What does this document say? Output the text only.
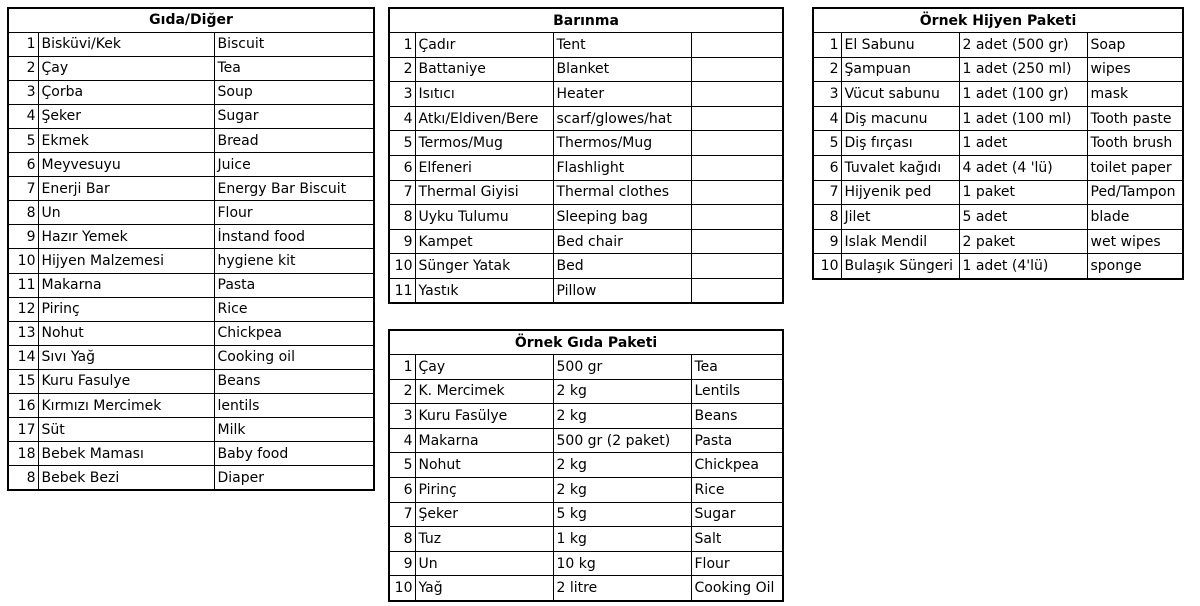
Gıda/Diğer		
1	Bisküvi/Kek	Biscuit
2	Çay	Tea
3	Çorba	Soup
4	Şeker	Sugar
5	Ekmek	Bread
6	Meyvesuyu	Juice
7	Enerji Bar	Energy Bar Biscuit
8	Un	Flour
9	Hazır Yemek	İnstand food
10	Hijyen Malzemesi	hygiene kit
11	Makarna	Pasta
12	Pirinç	Rice
13	Nohut	Chickpea
14	Sıvı Yağ	Cooking oil
15	Kuru Fasulye	Beans
16	Kırmızı Mercimek	lentils
17	Süt	Milk
18	Bebek Maması	Baby food
8	Bebek Bezi	Diaper
Barınma			
1	Çadır	Tent	
2	Battaniye	Blanket	
3	Isıtıcı	Heater	
4	Atkı/Eldiven/Bere	scarf/glowes/hat	
5	Termos/Mug	Thermos/Mug	
6	Elfeneri	Flashlight	
7	Thermal Giyisi	Thermal clothes	
8	Uyku Tulumu	Sleeping bag	
9	Kampet	Bed chair	
10	Sünger Yatak	Bed	
11	Yastık	Pillow	
Örnek Gıda Paketi			
1	Çay	500 gr	Tea
2	K. Mercimek	2 kg	Lentils
3	Kuru Fasülye	2 kg	Beans
4	Makarna	500 gr (2 paket)	Pasta
5	Nohut	2 kg	Chickpea
6	Pirinç	2 kg	Rice
7	Şeker	5 kg	Sugar
8	Tuz	1 kg	Salt
9	Un	10 kg	Flour
10	Yağ	2 litre	Cooking Oil
Örnek Hijyen Paketi			
1	El Sabunu	2 adet (500 gr)	Soap
2	Şampuan	1 adet (250 ml)	wipes
3	Vücut sabunu	1 adet (100 gr)	mask
4	Diş macunu	1 adet (100 ml)	Tooth paste
5	Diş fırçası	1 adet	Tooth brush
6	Tuvalet kağıdı	4 adet (4 'lü)	toilet paper
7	Hijyenik ped	1 paket	Ped/Tampon
8	Jilet	5 adet	blade
9	Islak Mendil	2 paket	wet wipes
10	Bulaşık Süngeri	1 adet (4'lü)	sponge
